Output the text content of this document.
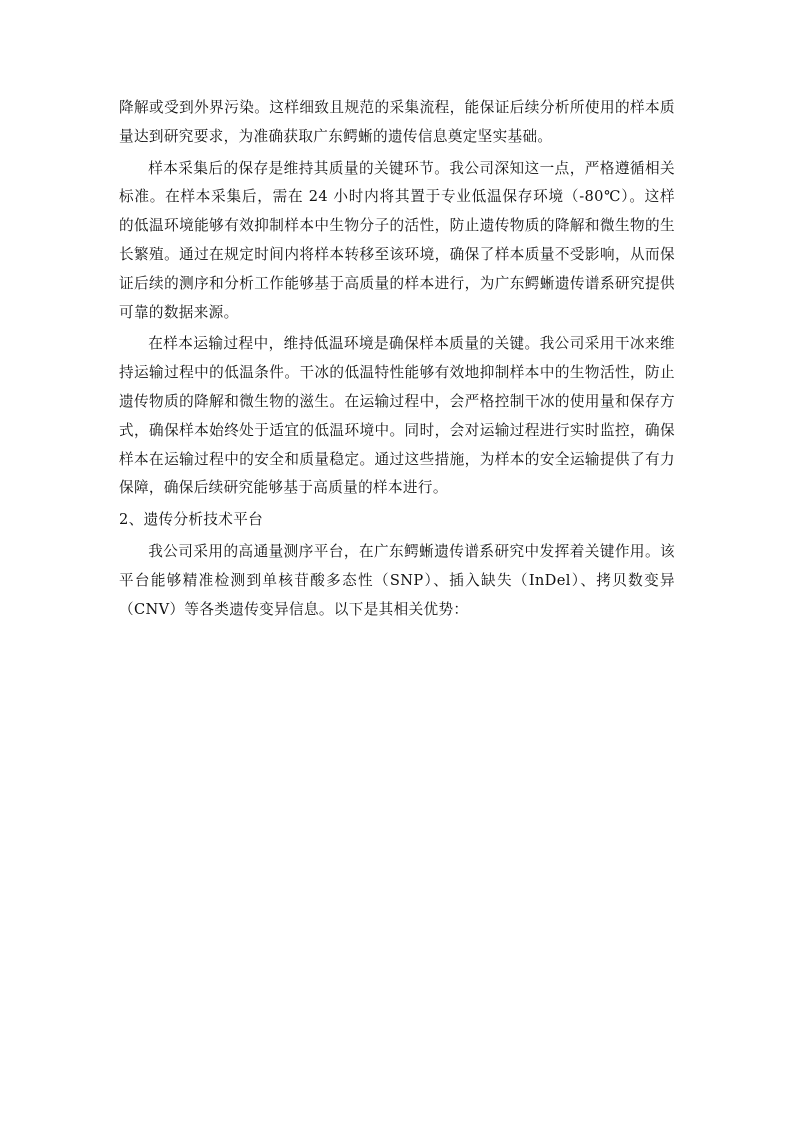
降解或受到外界污染。这样细致且规范的采集流程，能保证后续分析所使用的样本质量达到研究要求，为准确获取广东鳄蜥的遗传信息奠定坚实基础。

样本采集后的保存是维持其质量的关键环节。我公司深知这一点，严格遵循相关标准。在样本采集后，需在 24 小时内将其置于专业低温保存环境（-80℃）。这样的低温环境能够有效抑制样本中生物分子的活性，防止遗传物质的降解和微生物的生长繁殖。通过在规定时间内将样本转移至该环境，确保了样本质量不受影响，从而保证后续的测序和分析工作能够基于高质量的样本进行，为广东鳄蜥遗传谱系研究提供可靠的数据来源。

在样本运输过程中，维持低温环境是确保样本质量的关键。我公司采用干冰来维持运输过程中的低温条件。干冰的低温特性能够有效地抑制样本中的生物活性，防止遗传物质的降解和微生物的滋生。在运输过程中，会严格控制干冰的使用量和保存方式，确保样本始终处于适宜的低温环境中。同时，会对运输过程进行实时监控，确保样本在运输过程中的安全和质量稳定。通过这些措施，为样本的安全运输提供了有力保障，确保后续研究能够基于高质量的样本进行。

2、遗传分析技术平台

我公司采用的高通量测序平台，在广东鳄蜥遗传谱系研究中发挥着关键作用。该平台能够精准检测到单核苷酸多态性（SNP）、插入缺失（InDel）、拷贝数变异（CNV）等各类遗传变异信息。以下是其相关优势：
